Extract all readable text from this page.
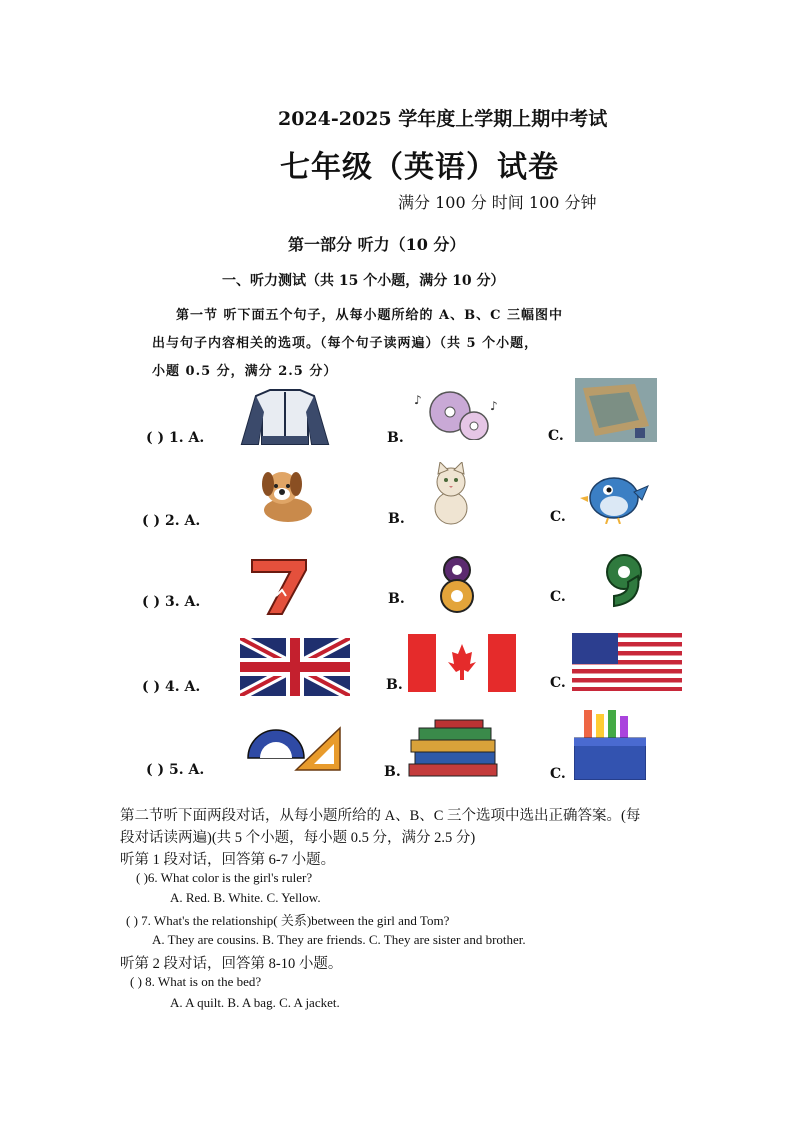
2024-2025 学年度上学期上期中考试
七年级（英语）试卷
满分 100 分 时间 100 分钟
第一部分 听力（10 分）
一、听力测试（共 15 个小题，满分 10 分）
第一节 听下面五个句子，从每小题所给的 A、B、C 三幅图中
出与句子内容相关的选项。（每个句子读两遍）（共 5 个小题，
小题 0.5 分，满分 2.5 分）
( ) 1. A.	B.	C.
♪	♪
( ) 2. A.	B.	C.
( ) 3. A.	B.	C.
( ) 4. A.	B.	C.
( ) 5. A.	B.	C.
第二节听下面两段对话，从每小题所给的 A、B、C 三个选项中选出正确答案。(每
段对话读两遍)(共 5 个小题，每小题 0.5 分，满分 2.5 分)
听第 1 段对话，回答第 6-7 小题。
( )6. What color is the girl's ruler?
A. Red. B. White. C. Yellow.
( ) 7. What's the relationship( 关系)between the girl and Tom?
A. They are cousins. B. They are friends. C. They are sister and brother.
听第 2 段对话，回答第 8-10 小题。
( ) 8. What is on the bed?
A. A quilt. B. A bag. C. A jacket.
